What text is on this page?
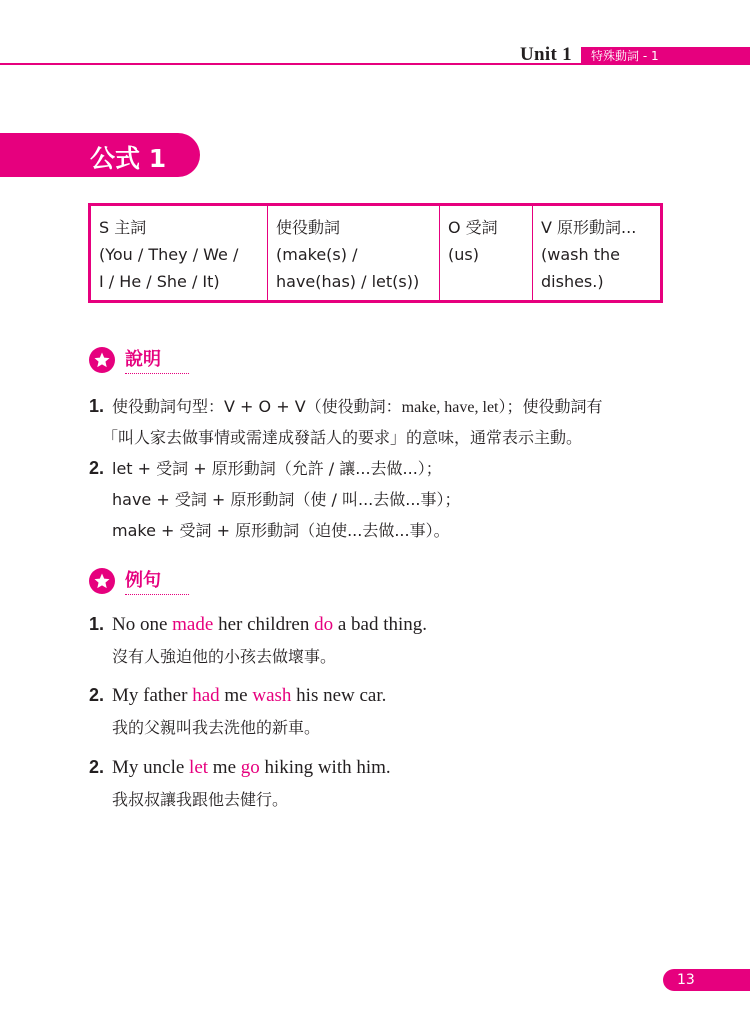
Unit 1	特殊動詞 - 1
公式 1
S 主詞
(You / They / We /
I / He / She / It)
使役動詞
(make(s) /
have(has) / let(s))
O 受詞
(us)
V 原形動詞...
(wash the
dishes.)
說明
1. 使役動詞句型：V + O + V（使役動詞：make, have, let）；使役動詞有
「叫人家去做事情或需達成發話人的要求」的意味，通常表示主動。
2. let + 受詞 + 原形動詞（允許 / 讓...去做...）；
have + 受詞 + 原形動詞（使 / 叫...去做...事）；
make + 受詞 + 原形動詞（迫使...去做...事）。
例句
1. No one made her children do a bad thing.
沒有人強迫他的小孩去做壞事。
2. My father had me wash his new car.
我的父親叫我去洗他的新車。
2. My uncle let me go hiking with him.
我叔叔讓我跟他去健行。
13
